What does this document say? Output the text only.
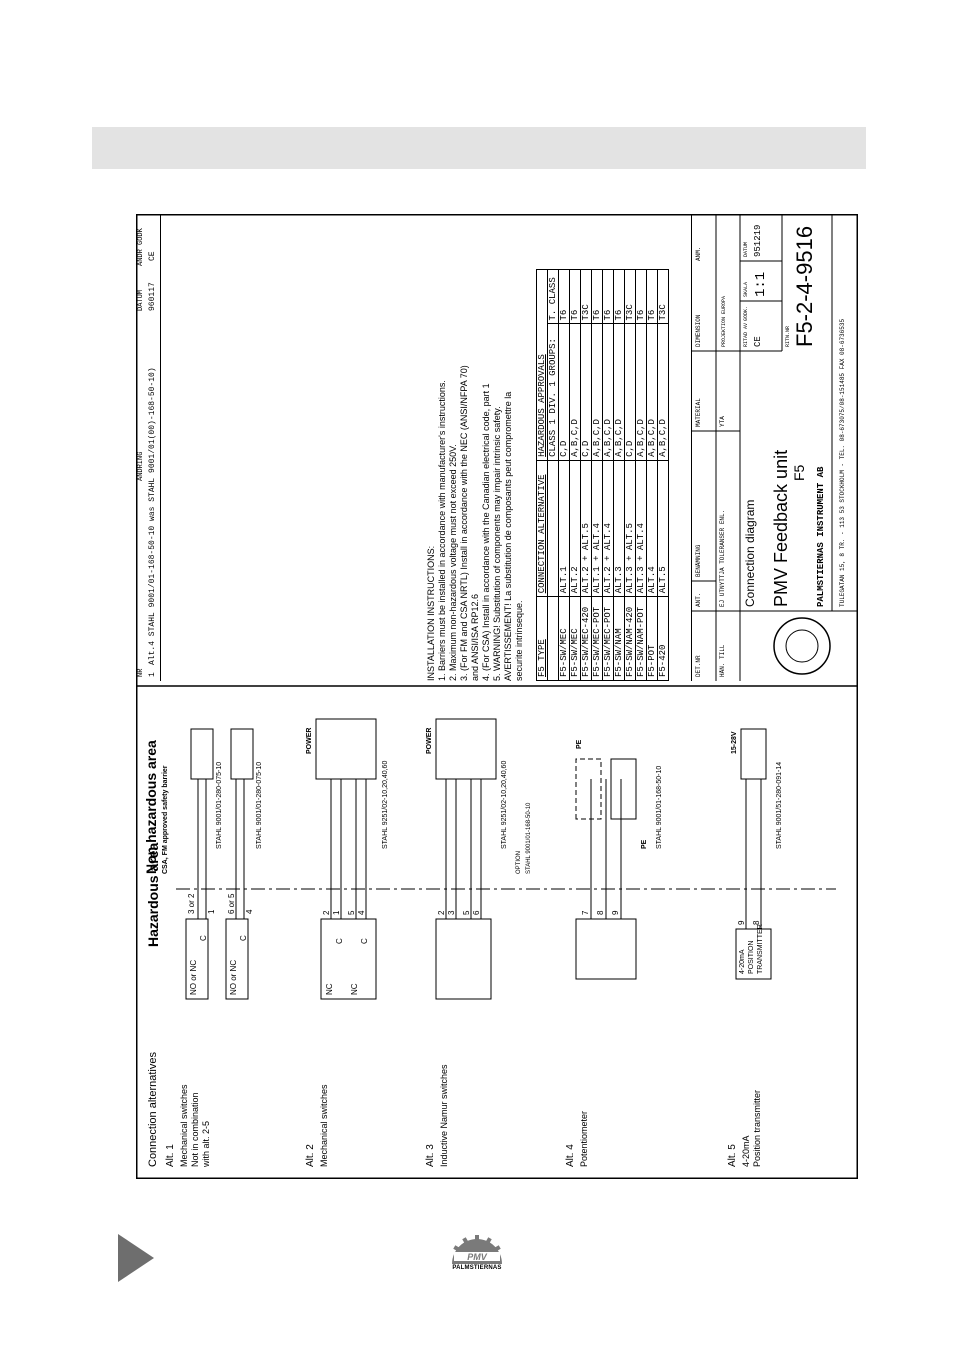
NR
ÄNDRING
DATUM
ÄNDR GODK
1
Alt.4 STAHL 9001/01-168-50-10 was STAHL 9001/01(00)-168-50-10)
960117
CE
Connection alternatives
Hazardous area
Non hazardous area CSA, FM approved safety barrier
Alt. 1 Mechanical switches Not in combination with alt. 2-5
NO or NC	NO or NC
3 or 2	6 or 5
C	C
1	4
STAHL 9001/01-280-075-10	STAHL 9001/01-280-075-10
Alt. 2 Mechanical switches
NC
C
NC
C
2 1 5 4
POWER
STAHL 9251/02-10,20,40,60
Alt. 3 Inductive Namur switches
2 3 5 6
POWER
OPTION STAHL 9001/01-168-50-10
STAHL 9251/02-10,20,40,60
Alt. 4 Potentiometer
7 8 9
PE
PE STAHL 9001/01-168-50-10
Alt. 5 4-20mA Position transmitter
4-20mA POSITION TRANSMITTER
9 8
15-28V
STAHL 9001/51-280-091-14
INSTALLATION INSTRUCTIONS: 1. Barriers must be installed in accordance with manufacturer's instructions. 2. Maximum non-hazardous voltage must not exceed 250V. 3. (For FM and CSA NRTL) Install in accordance with the NEC (ANSI/NFPA 70) and ANSI/ISA RP12.6 4. (For CSA) Install in accordance with the Canadian electrical code, part 1 5. WARNING! Substitution of components may impair intrinsic safety. AVERTISSEMENT! La substitution de composants peut compromettre la securite intrinseque. F5 TYPE	CONNECTION ALTERNATIVE	HAZARDOUS APPROVALS	
		CLASS 1 DIV. 1 GROUPS:	T. CLASS
F5-SW/MEC	ALT.1	C,D	T6
F5-SW/MEC	ALT.2	A,B,C,D	T6
F5-SW/MEC-420	ALT.2 + ALT.5	C,D	T3C
F5-SW/MEC-POT	ALT.1 + ALT.4	A,B,C,D	T6
F5-SW/MEC-POT	ALT.2 + ALT.4	A,B,C,D	T6
F5-SW/NAM	ALT.3	A,B,C,D	T6
F5-SW/NAM-420	ALT.3 + ALT.5	C,D	T3C
F5-SW/NAM-POT	ALT.3 + ALT.4	A,B,C,D	T6
F5-POT	ALT.4	A,B,C,D	T6
F5-420	ALT.5	A,B,C,D	T3C
DET.NR
ANT.
BENÄMNING
MATERIAL
DIMENSION
ANM.
HÄN. TILL
EJ UTNYTTJA TOLERANSER ENL.
YTA
Connection diagram PMV Feedback unit F5 PALMSTIERNAS INSTRUMENT AB TULEGATAN 15, 8 TR. - 113 53 STOCKHOLM - TEL. 08-673075/08-151485 FAX 08-6736535
RITAD AV CE
GODK.
SKALA 1:1
DATUM 951219
PROJEKTION EUROPA	RITN.NR F5-2-4-9516
PMV
PALMSTIERNAS
